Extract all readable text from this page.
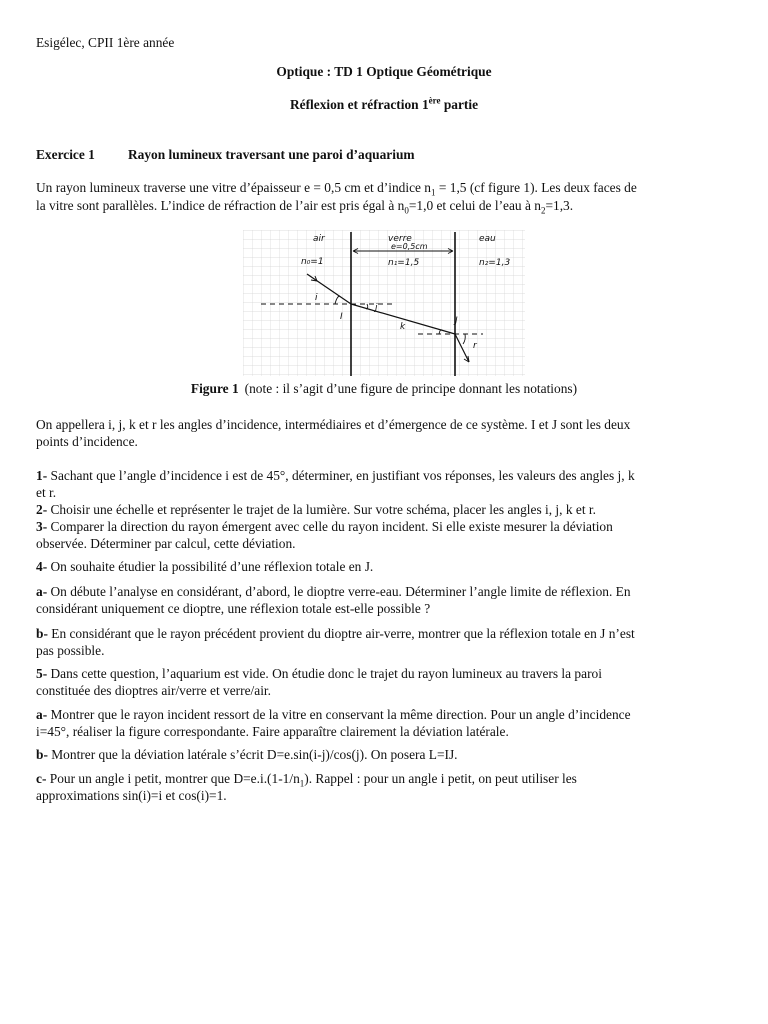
Esigélec, CPII 1ère année
Optique : TD 1 Optique Géométrique
Réflexion et réfraction 1ère partie
Exercice 1 Rayon lumineux traversant une paroi d’aquarium
Un rayon lumineux traverse une vitre d’épaisseur e = 0,5 cm et d’indice $n_1 = 1,5$ (cf figure 1). Les deux faces de
la vitre sont parallèles. L’indice de réfraction de l’air est pris égal à $n_0=1,0$ et celui de l’eau à $n_2=1,3$.
air	verre	eau
e=0,5cm
n₀=1	n₁=1,5	n₂=1,3
i
I
j
k
J
r
Figure 1 (note : il s’agit d’une figure de principe donnant les notations)
On appellera i, j, k et r les angles d’incidence, intermédiaires et d’émergence de ce système. I et J sont les deux
points d’incidence.
1- Sachant que l’angle d’incidence i est de 45°, déterminer, en justifiant vos réponses, les valeurs des angles j, k
et r.
2- Choisir une échelle et représenter le trajet de la lumière. Sur votre schéma, placer les angles i, j, k et r.
3- Comparer la direction du rayon émergent avec celle du rayon incident. Si elle existe mesurer la déviation
observée. Déterminer par calcul, cette déviation.
4- On souhaite étudier la possibilité d’une réflexion totale en J.
a- On débute l’analyse en considérant, d’abord, le dioptre verre-eau. Déterminer l’angle limite de réflexion. En
considérant uniquement ce dioptre, une réflexion totale est-elle possible ?
b- En considérant que le rayon précédent provient du dioptre air-verre, montrer que la réflexion totale en J n’est
pas possible.
5- Dans cette question, l’aquarium est vide. On étudie donc le trajet du rayon lumineux au travers la paroi
constituée des dioptres air/verre et verre/air.
a- Montrer que le rayon incident ressort de la vitre en conservant la même direction. Pour un angle d’incidence
i=45°, réaliser la figure correspondante. Faire apparaître clairement la déviation latérale.
b- Montrer que la déviation latérale s’écrit D=e.sin(i-j)/cos(j). On posera L=IJ.
c- Pour un angle i petit, montrer que $D=e.i.(1-1/n_1)$. Rappel : pour un angle i petit, on peut utiliser les
approximations sin(i)=i et cos(i)=1.
